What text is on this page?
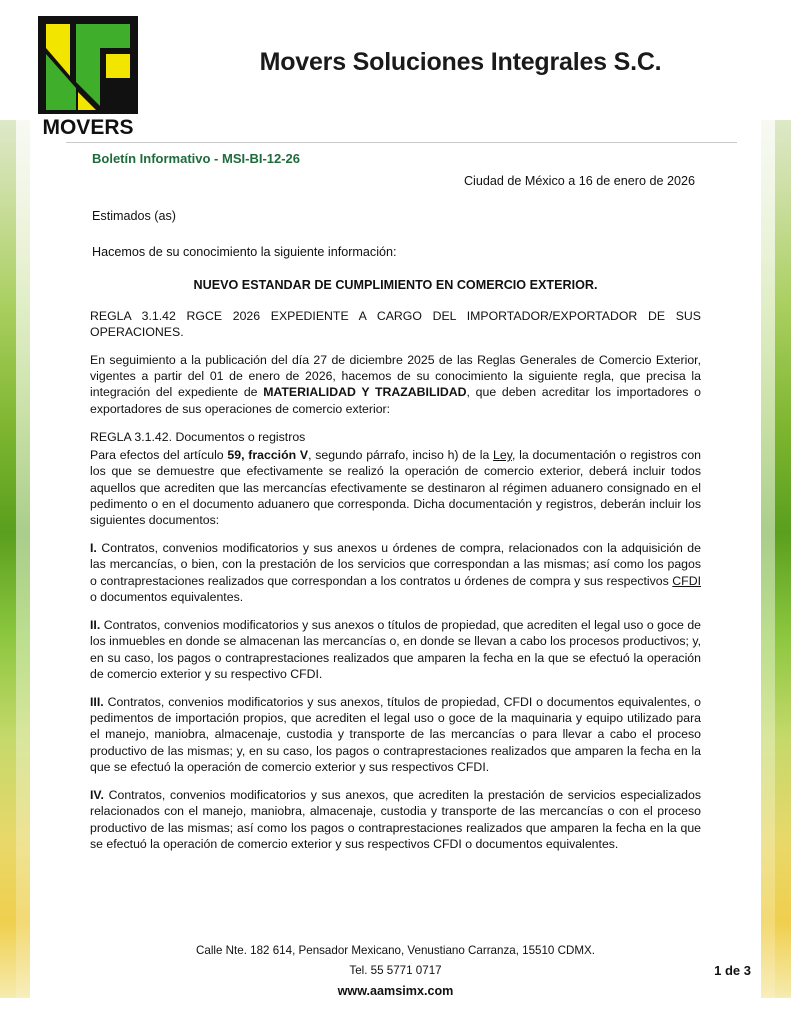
MOVERS
Movers Soluciones Integrales S.C.
Boletín Informativo - MSI-BI-12-26
Ciudad de México a 16 de enero de 2026
Estimados (as)
Hacemos de su conocimiento la siguiente información:
NUEVO ESTANDAR DE CUMPLIMIENTO EN COMERCIO EXTERIOR.

REGLA 3.1.42 RGCE 2026 EXPEDIENTE A CARGO DEL IMPORTADOR/EXPORTADOR DE SUS OPERACIONES.

En seguimiento a la publicación del día 27 de diciembre 2025 de las Reglas Generales de Comercio Exterior, vigentes a partir del 01 de enero de 2026, hacemos de su conocimiento la siguiente regla, que precisa la integración del expediente de MATERIALIDAD Y TRAZABILIDAD, que deben acreditar los importadores o exportadores de sus operaciones de comercio exterior:

REGLA 3.1.42. Documentos o registros

Para efectos del artículo 59, fracción V, segundo párrafo, inciso h) de la Ley, la documentación o registros con los que se demuestre que efectivamente se realizó la operación de comercio exterior, deberá incluir todos aquellos que acrediten que las mercancías efectivamente se destinaron al régimen aduanero consignado en el pedimento o en el documento aduanero que corresponda. Dicha documentación y registros, deberán incluir los siguientes documentos:

I. Contratos, convenios modificatorios y sus anexos u órdenes de compra, relacionados con la adquisición de las mercancías, o bien, con la prestación de los servicios que correspondan a las mismas; así como los pagos o contraprestaciones realizados que correspondan a los contratos u órdenes de compra y sus respectivos CFDI o documentos equivalentes.

II. Contratos, convenios modificatorios y sus anexos o títulos de propiedad, que acrediten el legal uso o goce de los inmuebles en donde se almacenan las mercancías o, en donde se llevan a cabo los procesos productivos; y, en su caso, los pagos o contraprestaciones realizados que amparen la fecha en la que se efectuó la operación de comercio exterior y su respectivo CFDI.

III. Contratos, convenios modificatorios y sus anexos, títulos de propiedad, CFDI o documentos equivalentes, o pedimentos de importación propios, que acrediten el legal uso o goce de la maquinaria y equipo utilizado para el manejo, maniobra, almacenaje, custodia y transporte de las mercancías o para llevar a cabo el proceso productivo de las mismas; y, en su caso, los pagos o contraprestaciones realizados que amparen la fecha en la que se efectuó la operación de comercio exterior y sus respectivos CFDI.

IV. Contratos, convenios modificatorios y sus anexos, que acrediten la prestación de servicios especializados relacionados con el manejo, maniobra, almacenaje, custodia y transporte de las mercancías o con el proceso productivo de las mismas; así como los pagos o contraprestaciones realizados que amparen la fecha en la que se efectuó la operación de comercio exterior y sus respectivos CFDI o documentos equivalentes.

1 de 3
Calle Nte. 182 614, Pensador Mexicano, Venustiano Carranza, 15510 CDMX.
Tel. 55 5771 0717
www.aamsimx.com
